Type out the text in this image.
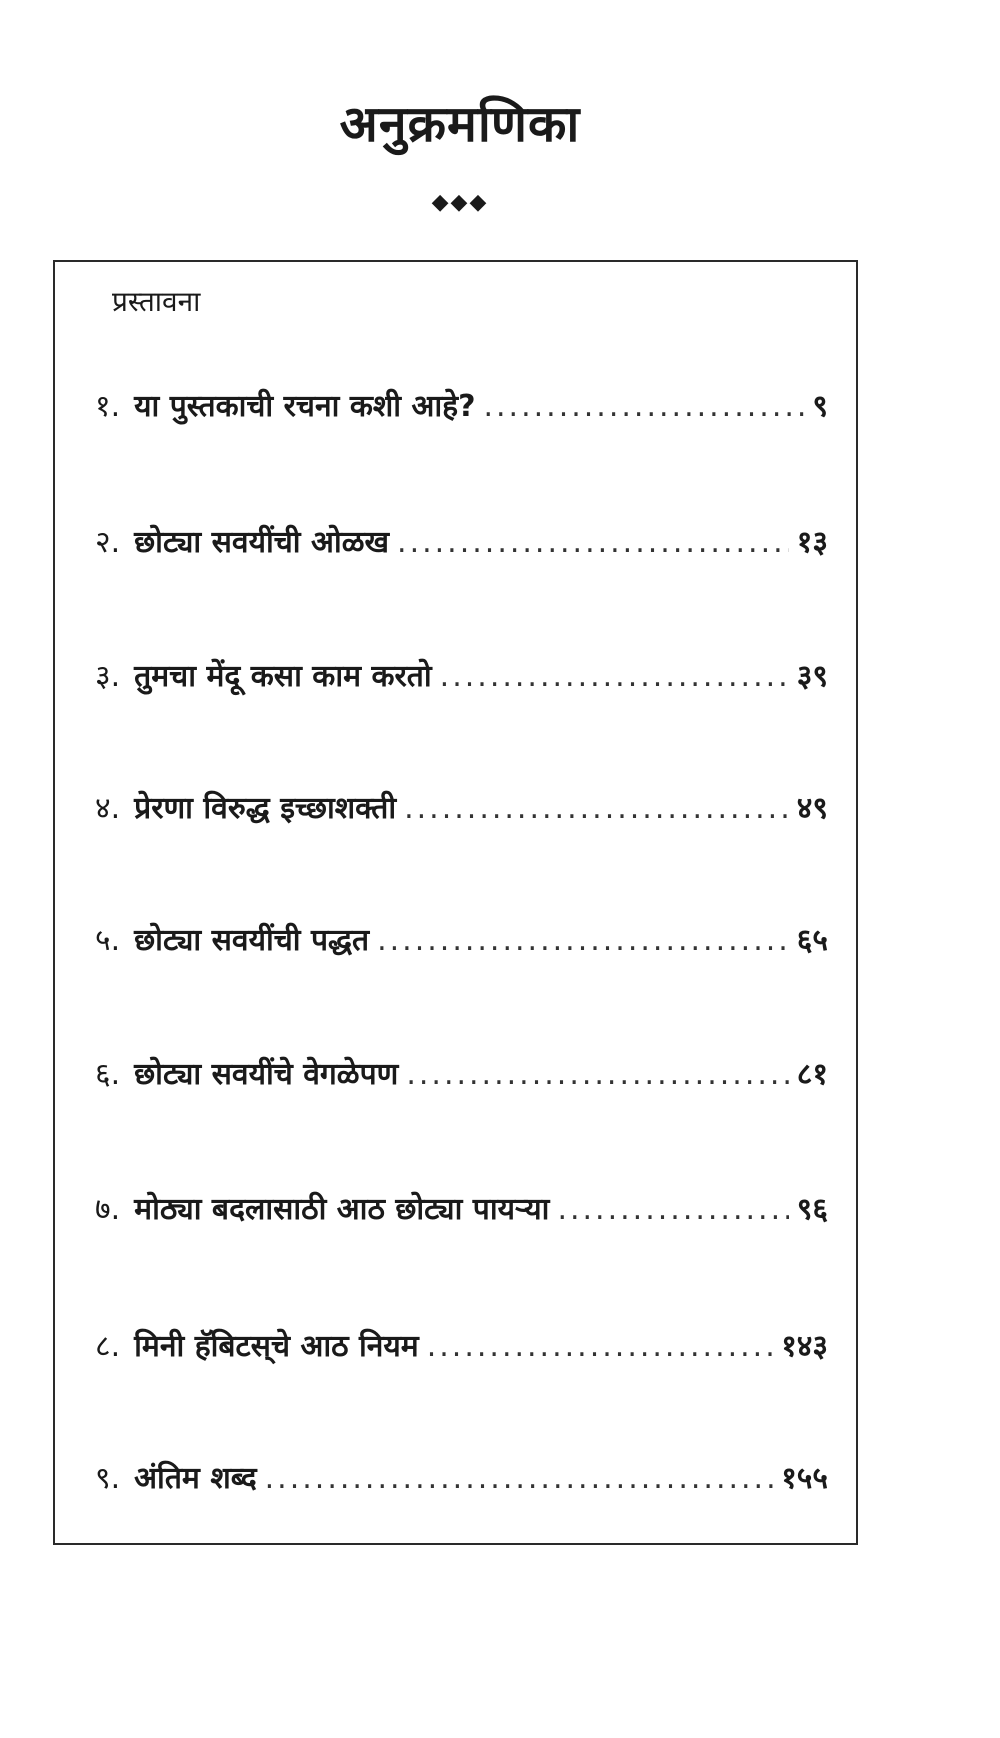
अनुक्रमणिका
◆◆◆
प्रस्तावना
१. या पुस्तकाची रचना कशी आहे? .....	९
२. छोट्या सवयींची ओळख .....	१३
३. तुमचा मेंदू कसा काम करतो .....	३९
४. प्रेरणा विरुद्ध इच्छाशक्ती .....	४९
५. छोट्या सवयींची पद्धत .....	६५
६. छोट्या सवयींचे वेगळेपण .....	८१
७. मोठ्या बदलासाठी आठ छोट्या पायऱ्या .....	९६
८. मिनी हॅबिटस्‌चे आठ नियम .....	१४३
९. अंतिम शब्द .....	१५५
